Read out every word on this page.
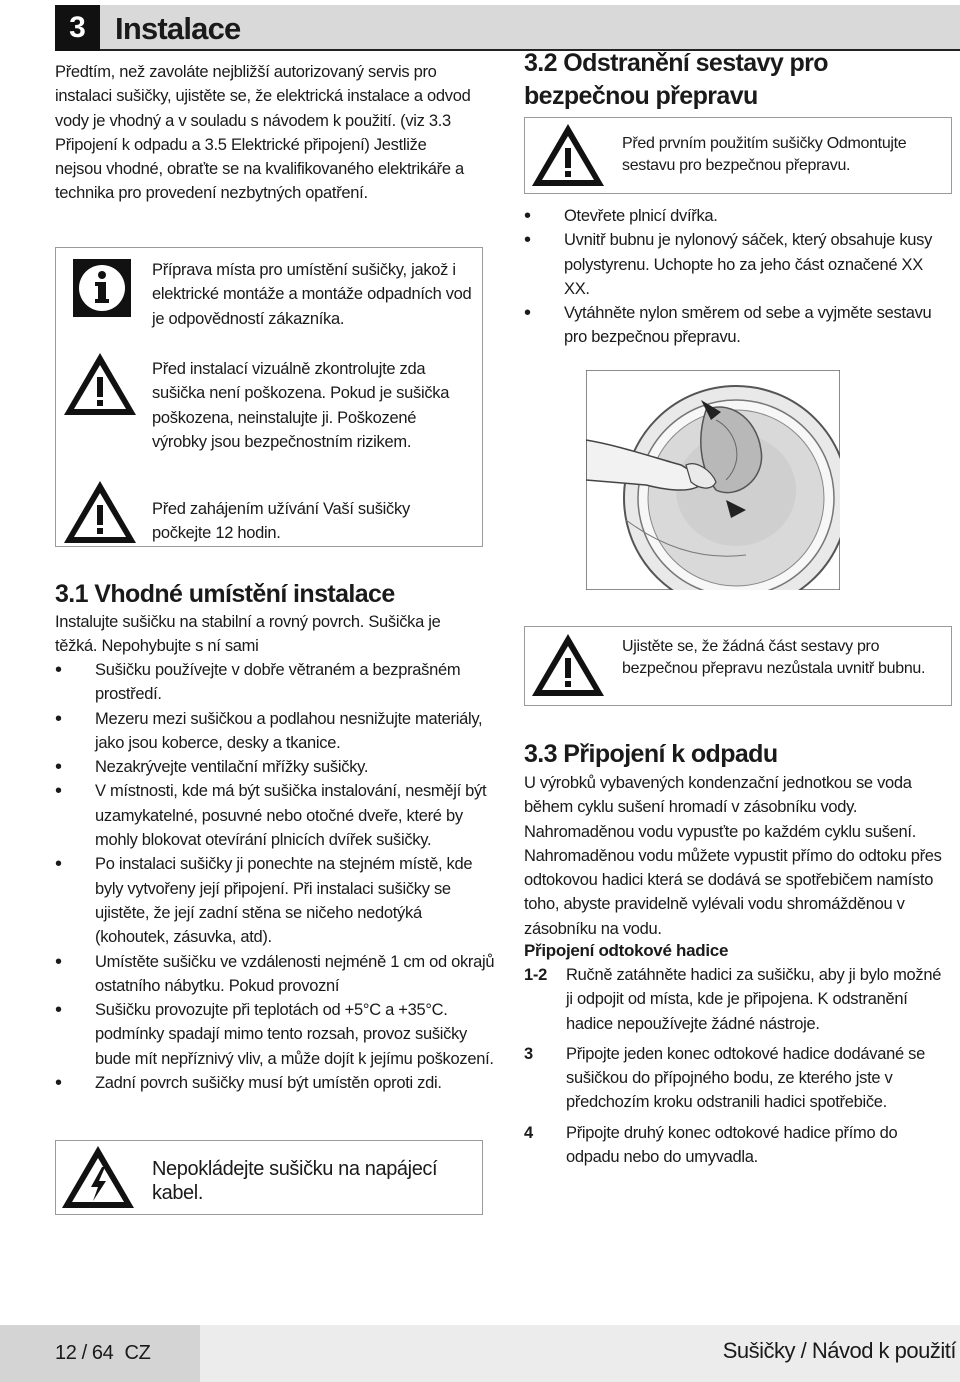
3 Instalace

Předtím, než zavoláte nejbližší autorizovaný servis pro instalaci sušičky, ujistěte se, že elektrická instalace a odvod vody je vhodný a v souladu s návodem k použití. (viz 3.3 Připojení k odpadu a 3.5 Elektrické připojení) Jestliže nejsou vhodné, obraťte se na kvalifikovaného elektrikáře a technika pro provedení nezbytných opatření.

Příprava místa pro umístění sušičky, jakož i elektrické montáže a montáže odpadních vod je odpovědností zákazníka.

Před instalací vizuálně zkontrolujte zda sušička není poškozena. Pokud je sušička poškozena, neinstalujte ji. Poškozené výrobky jsou bezpečnostním rizikem.

Před zahájením užívání Vaší sušičky počkejte 12 hodin.

3.1 Vhodné umístění instalace

Instalujte sušičku na stabilní a rovný povrch. Sušička je těžká. Nepohybujte s ní sami

• Sušičku používejte v dobře větraném a bezprašném prostředí.
• Mezeru mezi sušičkou a podlahou nesnižujte materiály, jako jsou koberce, desky a tkanice.
• Nezakrývejte ventilační mřížky sušičky.
• V místnosti, kde má být sušička instalování, nesmějí být uzamykatelné, posuvné nebo otočné dveře, které by mohly blokovat otevírání plnicích dvířek sušičky.
• Po instalaci sušičky ji ponechte na stejném místě, kde byly vytvořeny její připojení. Při instalaci sušičky se ujistěte, že její zadní stěna se ničeho nedotýká (kohoutek, zásuvka, atd).
• Umístěte sušičku ve vzdálenosti nejméně 1 cm od okrajů ostatního nábytku. Pokud provozní
• Sušičku provozujte při teplotách od +5°C a +35°C. podmínky spadají mimo tento rozsah, provoz sušičky bude mít nepříznivý vliv, a může dojít k jejímu poškození.
• Zadní povrch sušičky musí být umístěn oproti zdi.

Nepokládejte sušičku na napájecí kabel.

3.2 Odstranění sestavy pro bezpečnou přepravu

Před prvním použitím sušičky Odmontujte sestavu pro bezpečnou přepravu.

• Otevřete plnicí dvířka.
• Uvnitř bubnu je nylonový sáček, který obsahuje kusy polystyrenu. Uchopte ho za jeho část označené XX XX.
• Vytáhněte nylon směrem od sebe a vyjměte sestavu pro bezpečnou přepravu.

Ujistěte se, že žádná část sestavy pro bezpečnou přepravu nezůstala uvnitř bubnu.

3.3 Připojení k odpadu

U výrobků vybavených kondenzační jednotkou se voda během cyklu sušení hromadí v zásobníku vody. Nahromaděnou vodu vypusťte po každém cyklu sušení. Nahromaděnou vodu můžete vypustit přímo do odtoku přes odtokovou hadici která se dodává se spotřebičem namísto toho, abyste pravidelně vylévali vodu shromážděnou v zásobníku na vodu.

Připojení odtokové hadice
1-2 Ručně zatáhněte hadici za sušičku, aby ji bylo možné ji odpojit od místa, kde je připojena. K odstranění hadice nepoužívejte žádné nástroje.
3 Připojte jeden konec odtokové hadice dodávané se sušičkou do přípojného bodu, ze kterého jste v předchozím kroku odstranili hadici spotřebiče.
4 Připojte druhý konec odtokové hadice přímo do odpadu nebo do umyvadla.
12 / 64 CZ	Sušičky / Návod k použití
